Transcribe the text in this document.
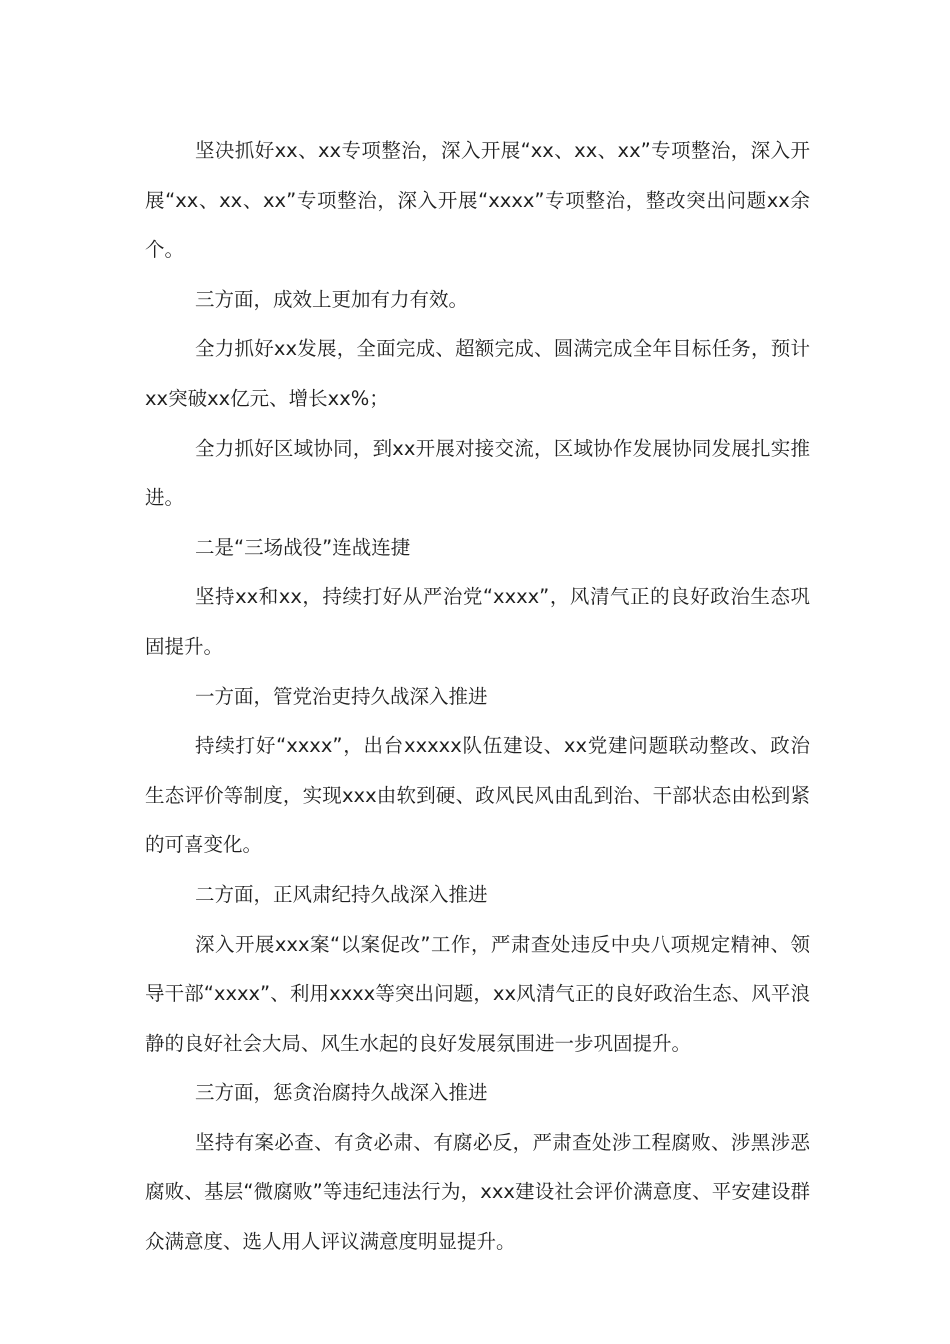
坚决抓好xx、xx专项整治，深入开展“xx、xx、xx”专项整治，深入开展“xx、xx、xx”专项整治，深入开展“xxxx”专项整治，整改突出问题xx余个。

三方面，成效上更加有力有效。

全力抓好xx发展，全面完成、超额完成、圆满完成全年目标任务，预计xx突破xx亿元、增长xx%；

全力抓好区域协同，到xx开展对接交流，区域协作发展协同发展扎实推进。

二是“三场战役”连战连捷

坚持xx和xx，持续打好从严治党“xxxx”，风清气正的良好政治生态巩固提升。

一方面，管党治吏持久战深入推进

持续打好“xxxx”，出台xxxxx队伍建设、xx党建问题联动整改、政治生态评价等制度，实现xxx由软到硬、政风民风由乱到治、干部状态由松到紧的可喜变化。

二方面，正风肃纪持久战深入推进

深入开展xxx案“以案促改”工作，严肃查处违反中央八项规定精神、领导干部“xxxx”、利用xxxx等突出问题，xx风清气正的良好政治生态、风平浪静的良好社会大局、风生水起的良好发展氛围进一步巩固提升。

三方面，惩贪治腐持久战深入推进

坚持有案必查、有贪必肃、有腐必反，严肃查处涉工程腐败、涉黑涉恶腐败、基层“微腐败”等违纪违法行为，xxx建设社会评价满意度、平安建设群众满意度、选人用人评议满意度明显提升。
